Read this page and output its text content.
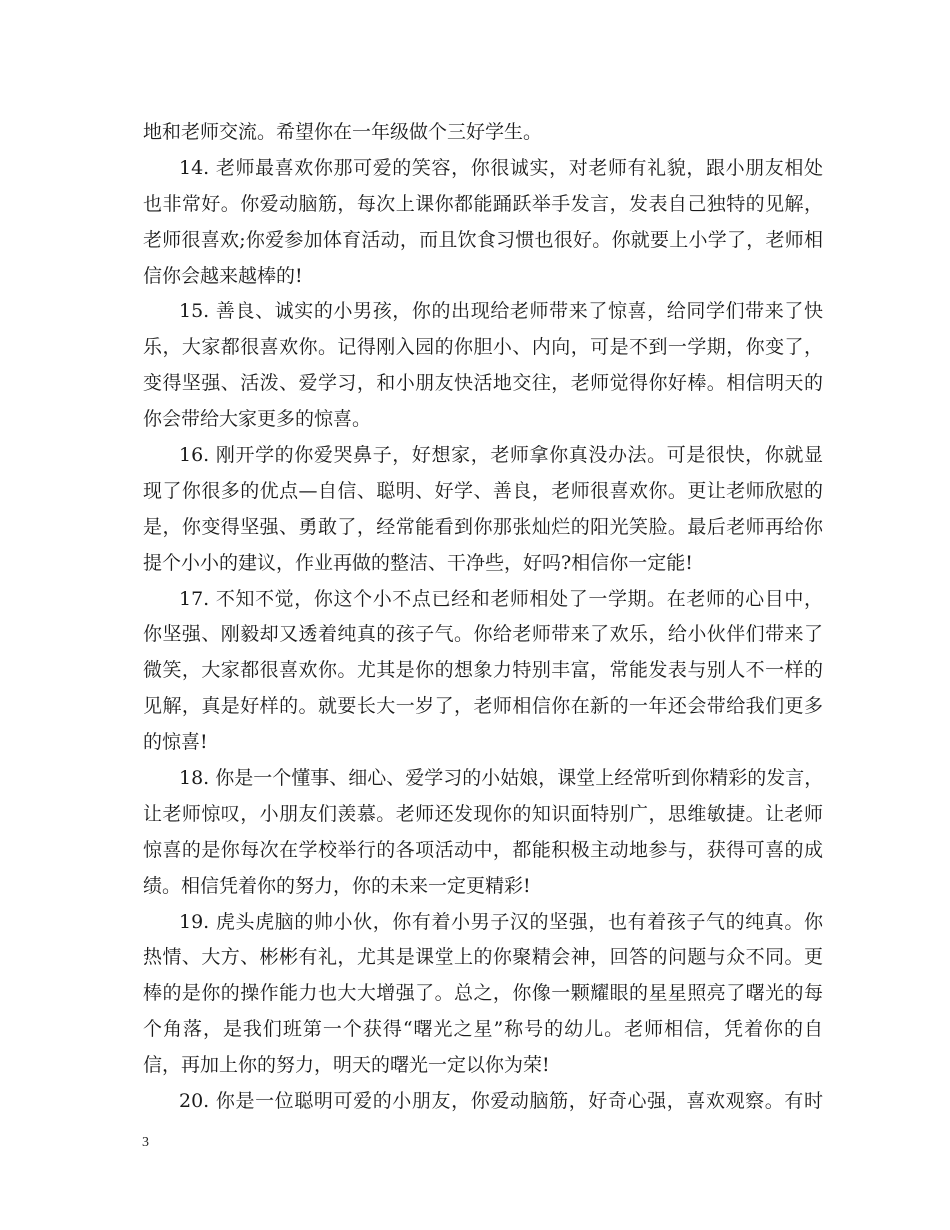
地和老师交流。希望你在一年级做个三好学生。
14. 老师最喜欢你那可爱的笑容，你很诚实，对老师有礼貌，跟小朋友相处
也非常好。你爱动脑筋，每次上课你都能踊跃举手发言，发表自己独特的见解，
老师很喜欢;你爱参加体育活动，而且饮食习惯也很好。你就要上小学了，老师相
信你会越来越棒的!
15. 善良、诚实的小男孩，你的出现给老师带来了惊喜，给同学们带来了快
乐，大家都很喜欢你。记得刚入园的你胆小、内向，可是不到一学期，你变了，
变得坚强、活泼、爱学习，和小朋友快活地交往，老师觉得你好棒。相信明天的
你会带给大家更多的惊喜。
16. 刚开学的你爱哭鼻子，好想家，老师拿你真没办法。可是很快，你就显
现了你很多的优点—自信、聪明、好学、善良，老师很喜欢你。更让老师欣慰的
是，你变得坚强、勇敢了，经常能看到你那张灿烂的阳光笑脸。最后老师再给你
提个小小的建议，作业再做的整洁、干净些，好吗?相信你一定能!
17. 不知不觉，你这个小不点已经和老师相处了一学期。在老师的心目中，
你坚强、刚毅却又透着纯真的孩子气。你给老师带来了欢乐，给小伙伴们带来了
微笑，大家都很喜欢你。尤其是你的想象力特别丰富，常能发表与别人不一样的
见解，真是好样的。就要长大一岁了，老师相信你在新的一年还会带给我们更多
的惊喜!
18. 你是一个懂事、细心、爱学习的小姑娘，课堂上经常听到你精彩的发言，
让老师惊叹，小朋友们羡慕。老师还发现你的知识面特别广，思维敏捷。让老师
惊喜的是你每次在学校举行的各项活动中，都能积极主动地参与，获得可喜的成
绩。相信凭着你的努力，你的未来一定更精彩!
19. 虎头虎脑的帅小伙，你有着小男子汉的坚强，也有着孩子气的纯真。你
热情、大方、彬彬有礼，尤其是课堂上的你聚精会神，回答的问题与众不同。更
棒的是你的操作能力也大大增强了。总之，你像一颗耀眼的星星照亮了曙光的每
个角落，是我们班第一个获得“曙光之星”称号的幼儿。老师相信，凭着你的自
信，再加上你的努力，明天的曙光一定以你为荣!
20. 你是一位聪明可爱的小朋友，你爱动脑筋，好奇心强，喜欢观察。有时
3
